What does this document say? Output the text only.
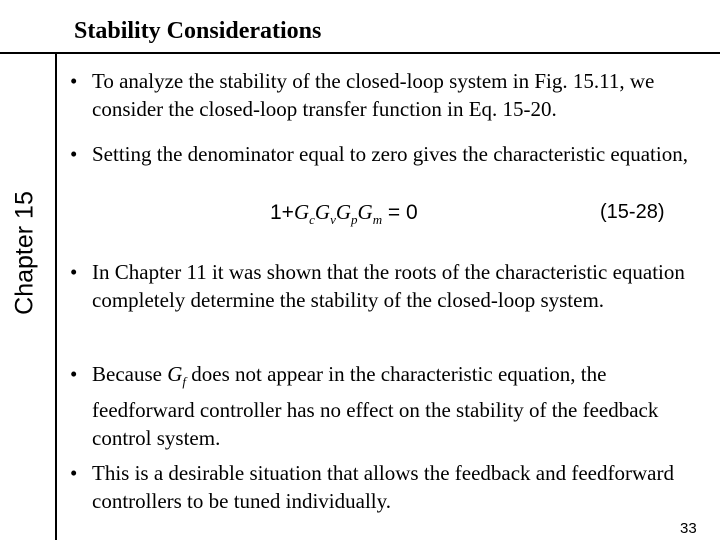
Stability Considerations
Chapter 15
• To analyze the stability of the closed-loop system in Fig. 15.11, we consider the closed-loop transfer function in Eq. 15-20.
• Setting the denominator equal to zero gives the characteristic equation,
$1+G_cG_vG_pG_m = 0$	(15-28)
• In Chapter 11 it was shown that the roots of the characteristic equation completely determine the stability of the closed-loop system.
• Because $G_f$ does not appear in the characteristic equation, the feedforward controller has no effect on the stability of the feedback control system.
• This is a desirable situation that allows the feedback and feedforward controllers to be tuned individually.
33
